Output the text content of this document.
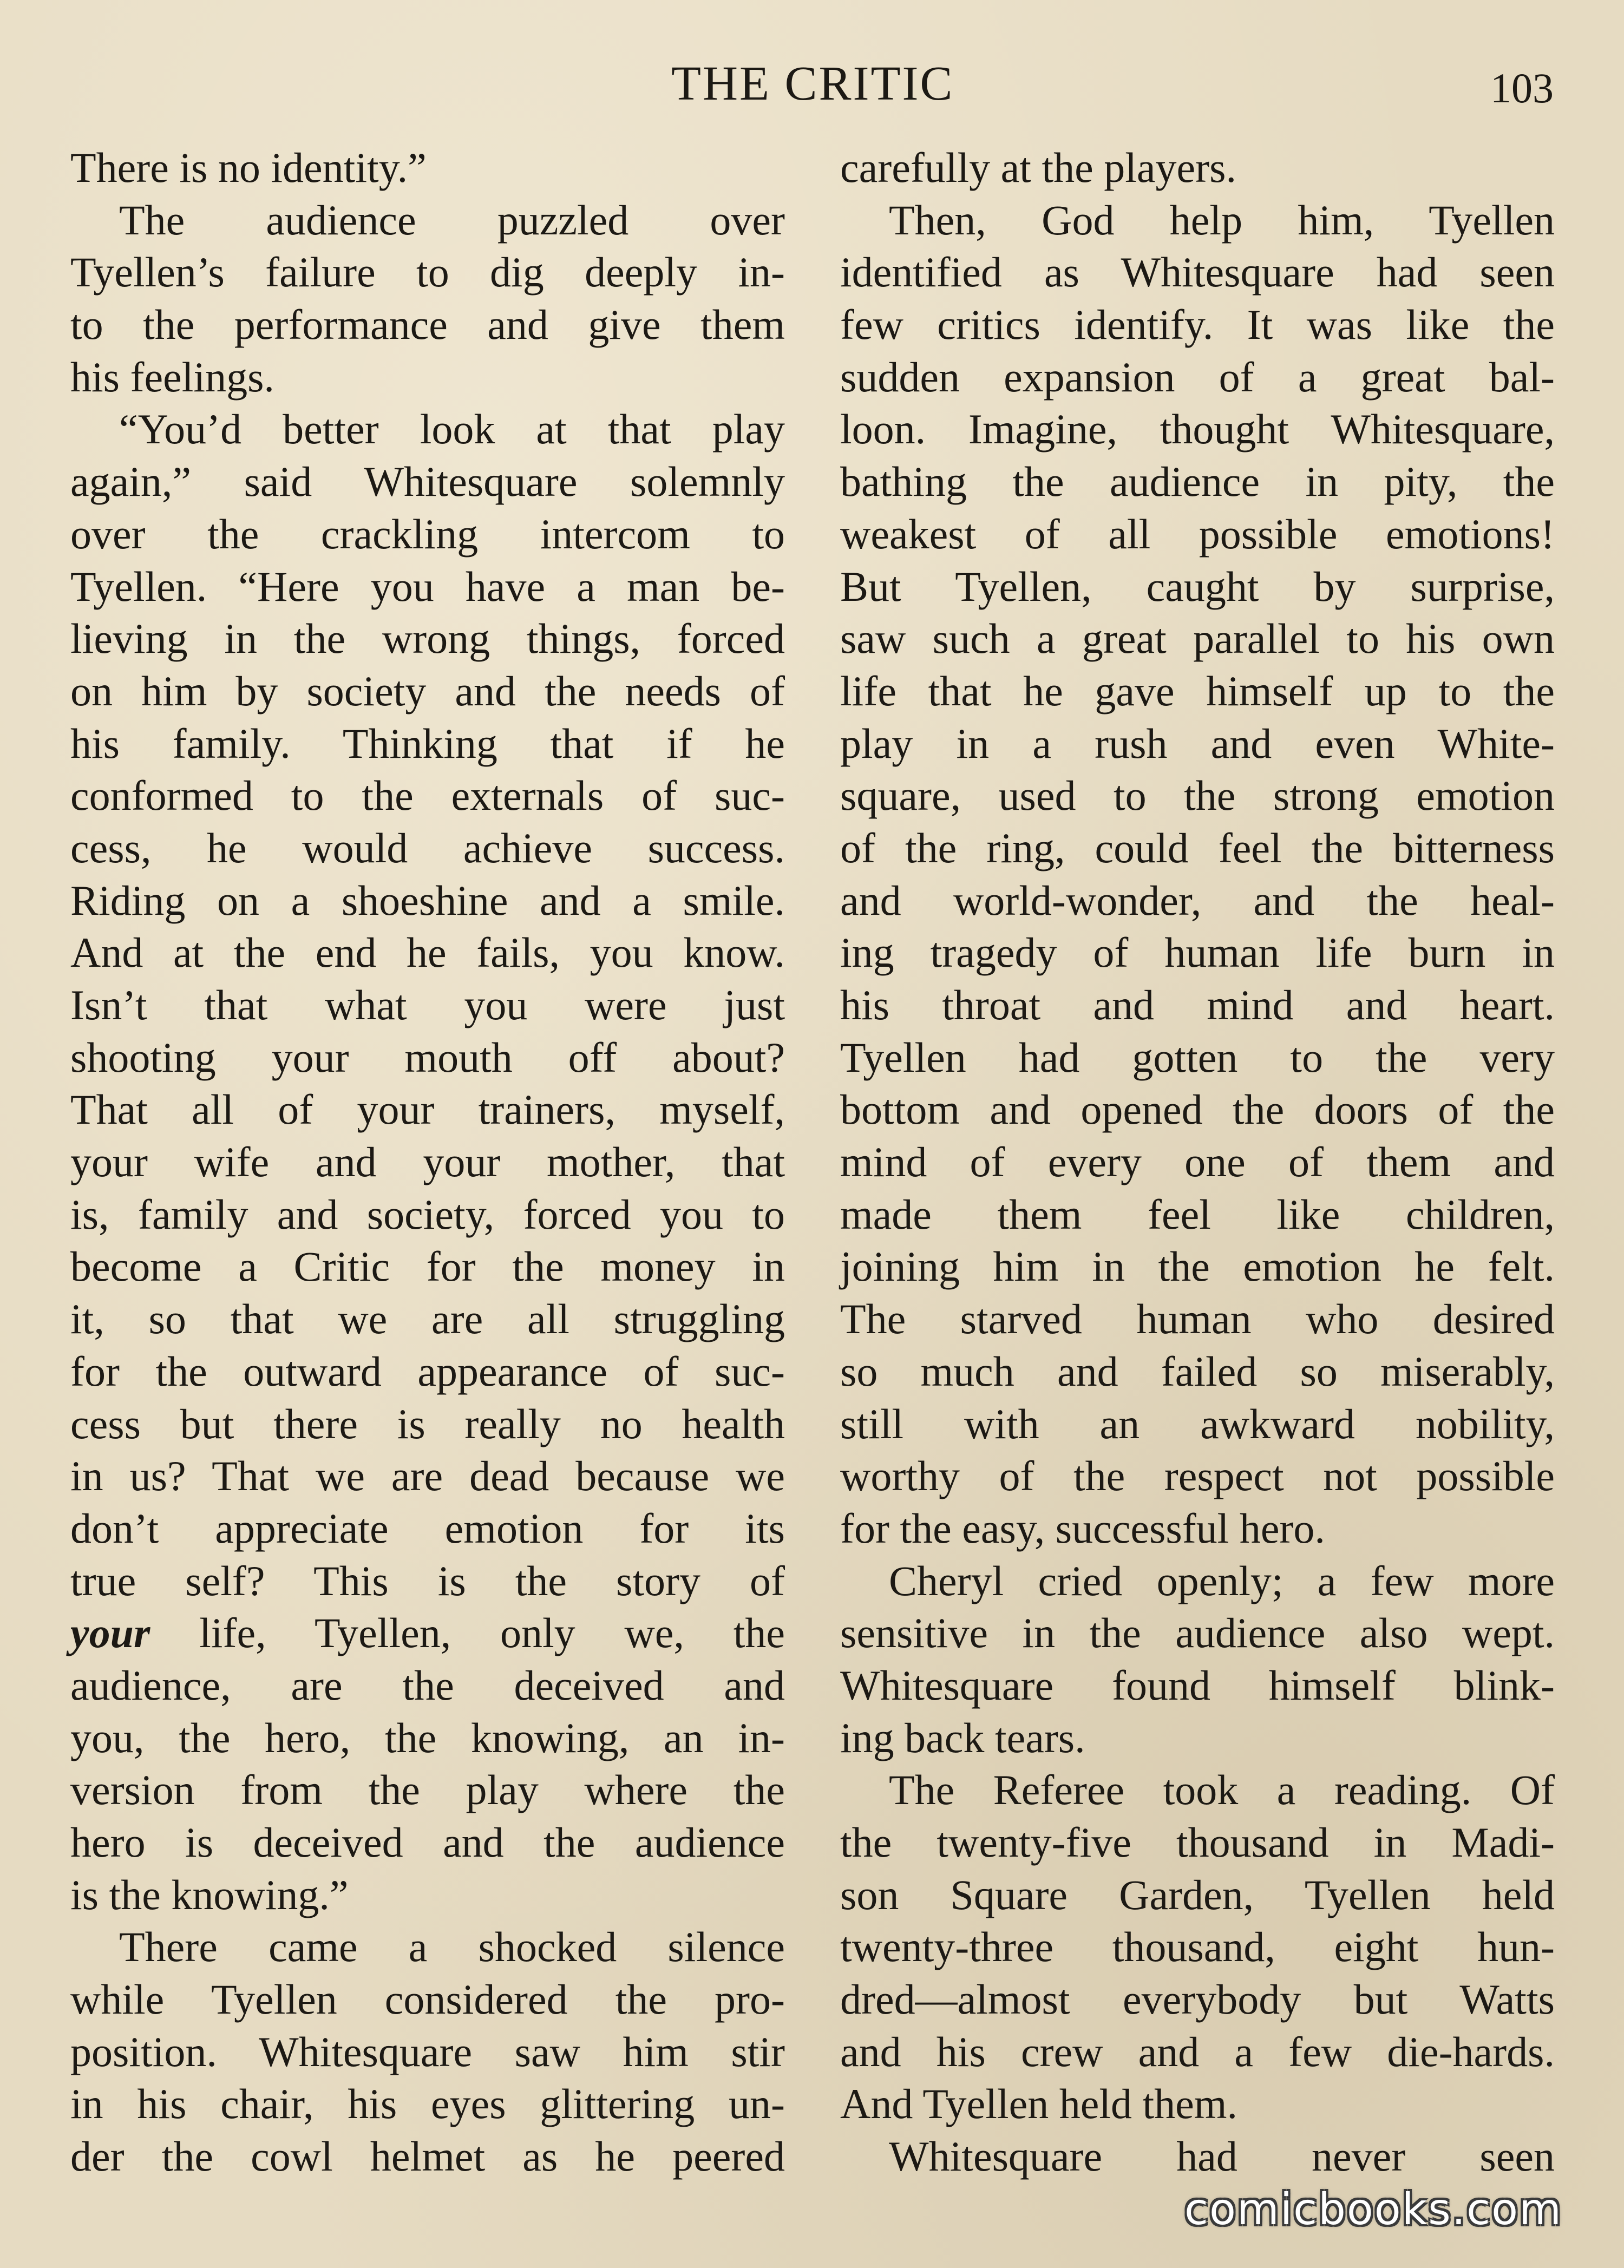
THE CRITIC	103
There is no identity.”
The audience puzzled over
Tyellen’s failure to dig deeply in-
to the performance and give them
his feelings.
“You’d better look at that play
again,” said Whitesquare solemnly
over the crackling intercom to
Tyellen. “Here you have a man be-
lieving in the wrong things, forced
on him by society and the needs of
his family. Thinking that if he
conformed to the externals of suc-
cess, he would achieve success.
Riding on a shoeshine and a smile.
And at the end he fails, you know.
Isn’t that what you were just
shooting your mouth off about?
That all of your trainers, myself,
your wife and your mother, that
is, family and society, forced you to
become a Critic for the money in
it, so that we are all struggling
for the outward appearance of suc-
cess but there is really no health
in us? That we are dead because we
don’t appreciate emotion for its
true self? This is the story of
your life, Tyellen, only we, the
audience, are the deceived and
you, the hero, the knowing, an in-
version from the play where the
hero is deceived and the audience
is the knowing.”
There came a shocked silence
while Tyellen considered the pro-
position. Whitesquare saw him stir
in his chair, his eyes glittering un-
der the cowl helmet as he peered
carefully at the players.
Then, God help him, Tyellen
identified as Whitesquare had seen
few critics identify. It was like the
sudden expansion of a great bal-
loon. Imagine, thought Whitesquare,
bathing the audience in pity, the
weakest of all possible emotions!
But Tyellen, caught by surprise,
saw such a great parallel to his own
life that he gave himself up to the
play in a rush and even White-
square, used to the strong emotion
of the ring, could feel the bitterness
and world-wonder, and the heal-
ing tragedy of human life burn in
his throat and mind and heart.
Tyellen had gotten to the very
bottom and opened the doors of the
mind of every one of them and
made them feel like children,
joining him in the emotion he felt.
The starved human who desired
so much and failed so miserably,
still with an awkward nobility,
worthy of the respect not possible
for the easy, successful hero.
Cheryl cried openly; a few more
sensitive in the audience also wept.
Whitesquare found himself blink-
ing back tears.
The Referee took a reading. Of
the twenty-five thousand in Madi-
son Square Garden, Tyellen held
twenty-three thousand, eight hun-
dred—almost everybody but Watts
and his crew and a few die-hards.
And Tyellen held them.
Whitesquare had never seen
comicbooks.com
